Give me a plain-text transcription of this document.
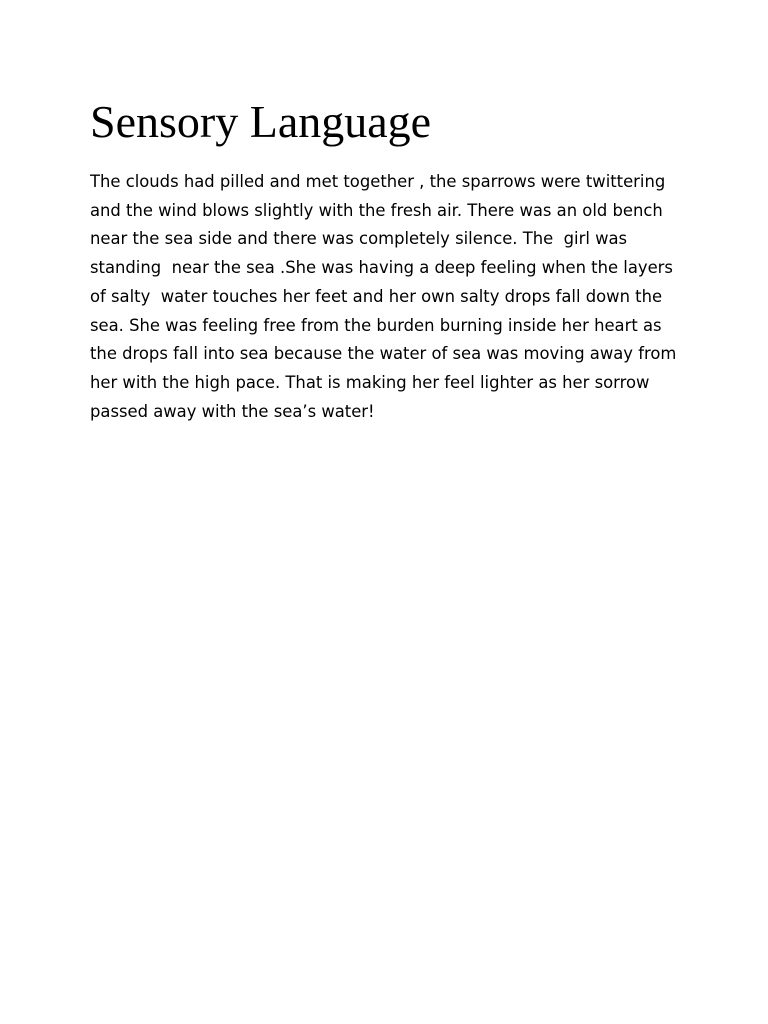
Sensory Language
The clouds had pilled and met together , the sparrows were twittering
and the wind blows slightly with the fresh air. There was an old bench
near the sea side and there was completely silence. The  girl was
standing  near the sea .She was having a deep feeling when the layers
of salty  water touches her feet and her own salty drops fall down the
sea. She was feeling free from the burden burning inside her heart as
the drops fall into sea because the water of sea was moving away from
her with the high pace. That is making her feel lighter as her sorrow
passed away with the sea’s water!
